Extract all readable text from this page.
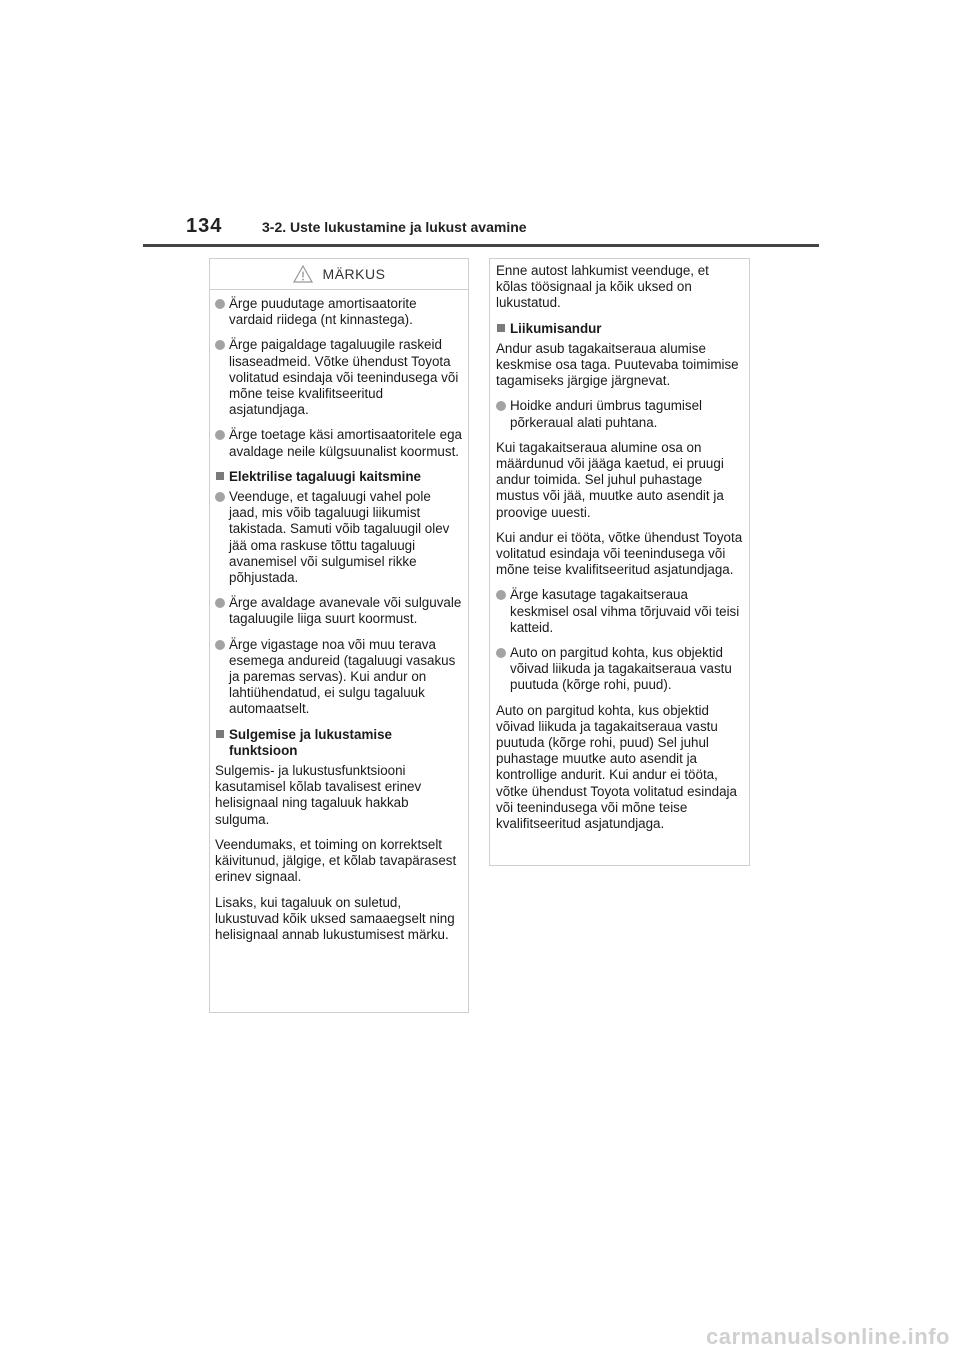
134	3-2. Uste lukustamine ja lukust avamine
MÄRKUS
Ärge puudutage amortisaatorite vardaid riidega (nt kinnastega).
Ärge paigaldage tagaluugile raskeid lisaseadmeid. Võtke ühendust Toyota volitatud esindaja või teenindusega või mõne teise kvalifitseeritud asjatundjaga.
Ärge toetage käsi amortisaatoritele ega avaldage neile külgsuunalist koormust.
Elektrilise tagaluugi kaitsmine
Veenduge, et tagaluugi vahel pole jaad, mis võib tagaluugi liikumist takistada. Samuti võib tagaluugil olev jää oma raskuse tõttu tagaluugi avanemisel või sulgumisel rikke põhjustada.
Ärge avaldage avanevale või sulguvale tagaluugile liiga suurt koormust.
Ärge vigastage noa või muu terava esemega andureid (tagaluugi vasakus ja paremas servas). Kui andur on lahtiühendatud, ei sulgu tagaluuk automaatselt.
Sulgemise ja lukustamise funktsioon
Sulgemis- ja lukustusfunktsiooni kasutamisel kõlab tavalisest erinev helisignaal ning tagaluuk hakkab sulguma.
Veendumaks, et toiming on korrektselt käivitunud, jälgige, et kõlab tavapärasest erinev signaal.
Lisaks, kui tagaluuk on suletud, lukustuvad kõik uksed samaaegselt ning helisignaal annab lukustumisest märku.
Enne autost lahkumist veenduge, et kõlas töösignaal ja kõik uksed on lukustatud.
Liikumisandur
Andur asub tagakaitseraua alumise keskmise osa taga. Puutevaba toimimise tagamiseks järgige järgnevat.
Hoidke anduri ümbrus tagumisel põrkeraual alati puhtana.
Kui tagakaitseraua alumine osa on määrdunud või jääga kaetud, ei pruugi andur toimida. Sel juhul puhastage mustus või jää, muutke auto asendit ja proovige uuesti.
Kui andur ei tööta, võtke ühendust Toyota volitatud esindaja või teenindusega või mõne teise kvalifitseeritud asjatundjaga.
Ärge kasutage tagakaitseraua keskmisel osal vihma tõrjuvaid või teisi katteid.
Auto on pargitud kohta, kus objektid võivad liikuda ja tagakaitseraua vastu puutuda (kõrge rohi, puud).
Auto on pargitud kohta, kus objektid võivad liikuda ja tagakaitseraua vastu puutuda (kõrge rohi, puud) Sel juhul puhastage muutke auto asendit ja kontrollige andurit. Kui andur ei tööta, võtke ühendust Toyota volitatud esindaja või teenindusega või mõne teise kvalifitseeritud asjatundjaga.
carmanualsonline.info
